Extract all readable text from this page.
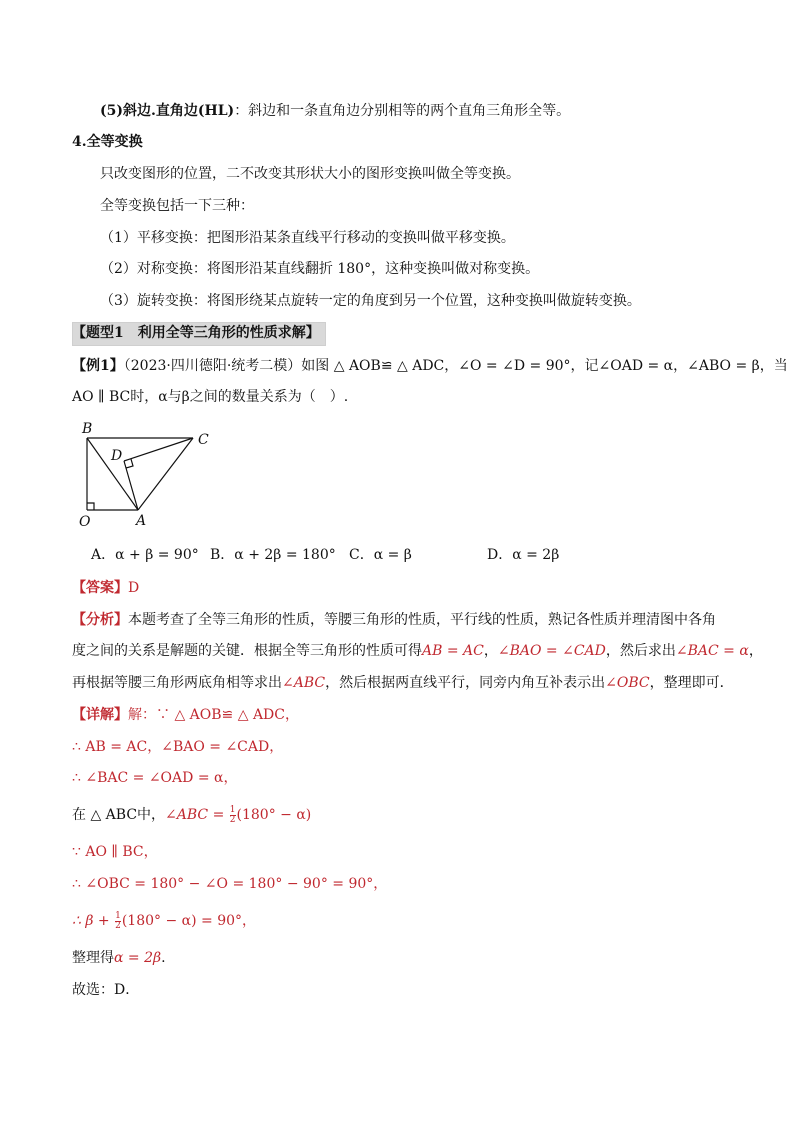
(5)斜边.直角边(HL)：斜边和一条直角边分别相等的两个直角三角形全等。
4.全等变换
只改变图形的位置，二不改变其形状大小的图形变换叫做全等变换。
全等变换包括一下三种：
（1）平移变换：把图形沿某条直线平行移动的变换叫做平移变换。
（2）对称变换：将图形沿某直线翻折 180°，这种变换叫做对称变换。
（3）旋转变换：将图形绕某点旋转一定的角度到另一个位置，这种变换叫做旋转变换。
【题型1　利用全等三角形的性质求解】
【例1】（2023·四川德阳·统考二模）如图 △ AOB≌ △ ADC，∠O = ∠D = 90°，记∠OAD = α，∠ABO = β，当
AO ∥ BC时，α与β之间的数量关系为（　）.
B
C
D
O	A
A．α + β = 90° B．α + 2β = 180° C．α = β	D．α = 2β
【答案】D
【分析】本题考查了全等三角形的性质，等腰三角形的性质，平行线的性质，熟记各性质并理清图中各角
度之间的关系是解题的关键．根据全等三角形的性质可得AB = AC，∠BAO = ∠CAD，然后求出∠BAC = α，
再根据等腰三角形两底角相等求出∠ABC，然后根据两直线平行，同旁内角互补表示出∠OBC，整理即可．
【详解】解：∵ △ AOB≌ △ ADC，
∴ AB = AC，∠BAO = ∠CAD，
∴ ∠BAC = ∠OAD = α，
在 △ ABC中，∠ABC = $\frac{1}{2} (180^\circ - \alpha)$
∵ AO ∥ BC，
∴ ∠OBC = 180° − ∠O = 180° − 90° = 90°，
∴ $\beta + \frac{1}{2} (180^\circ - \alpha) = 90^\circ$，
整理得α = 2β.
故选：D．
